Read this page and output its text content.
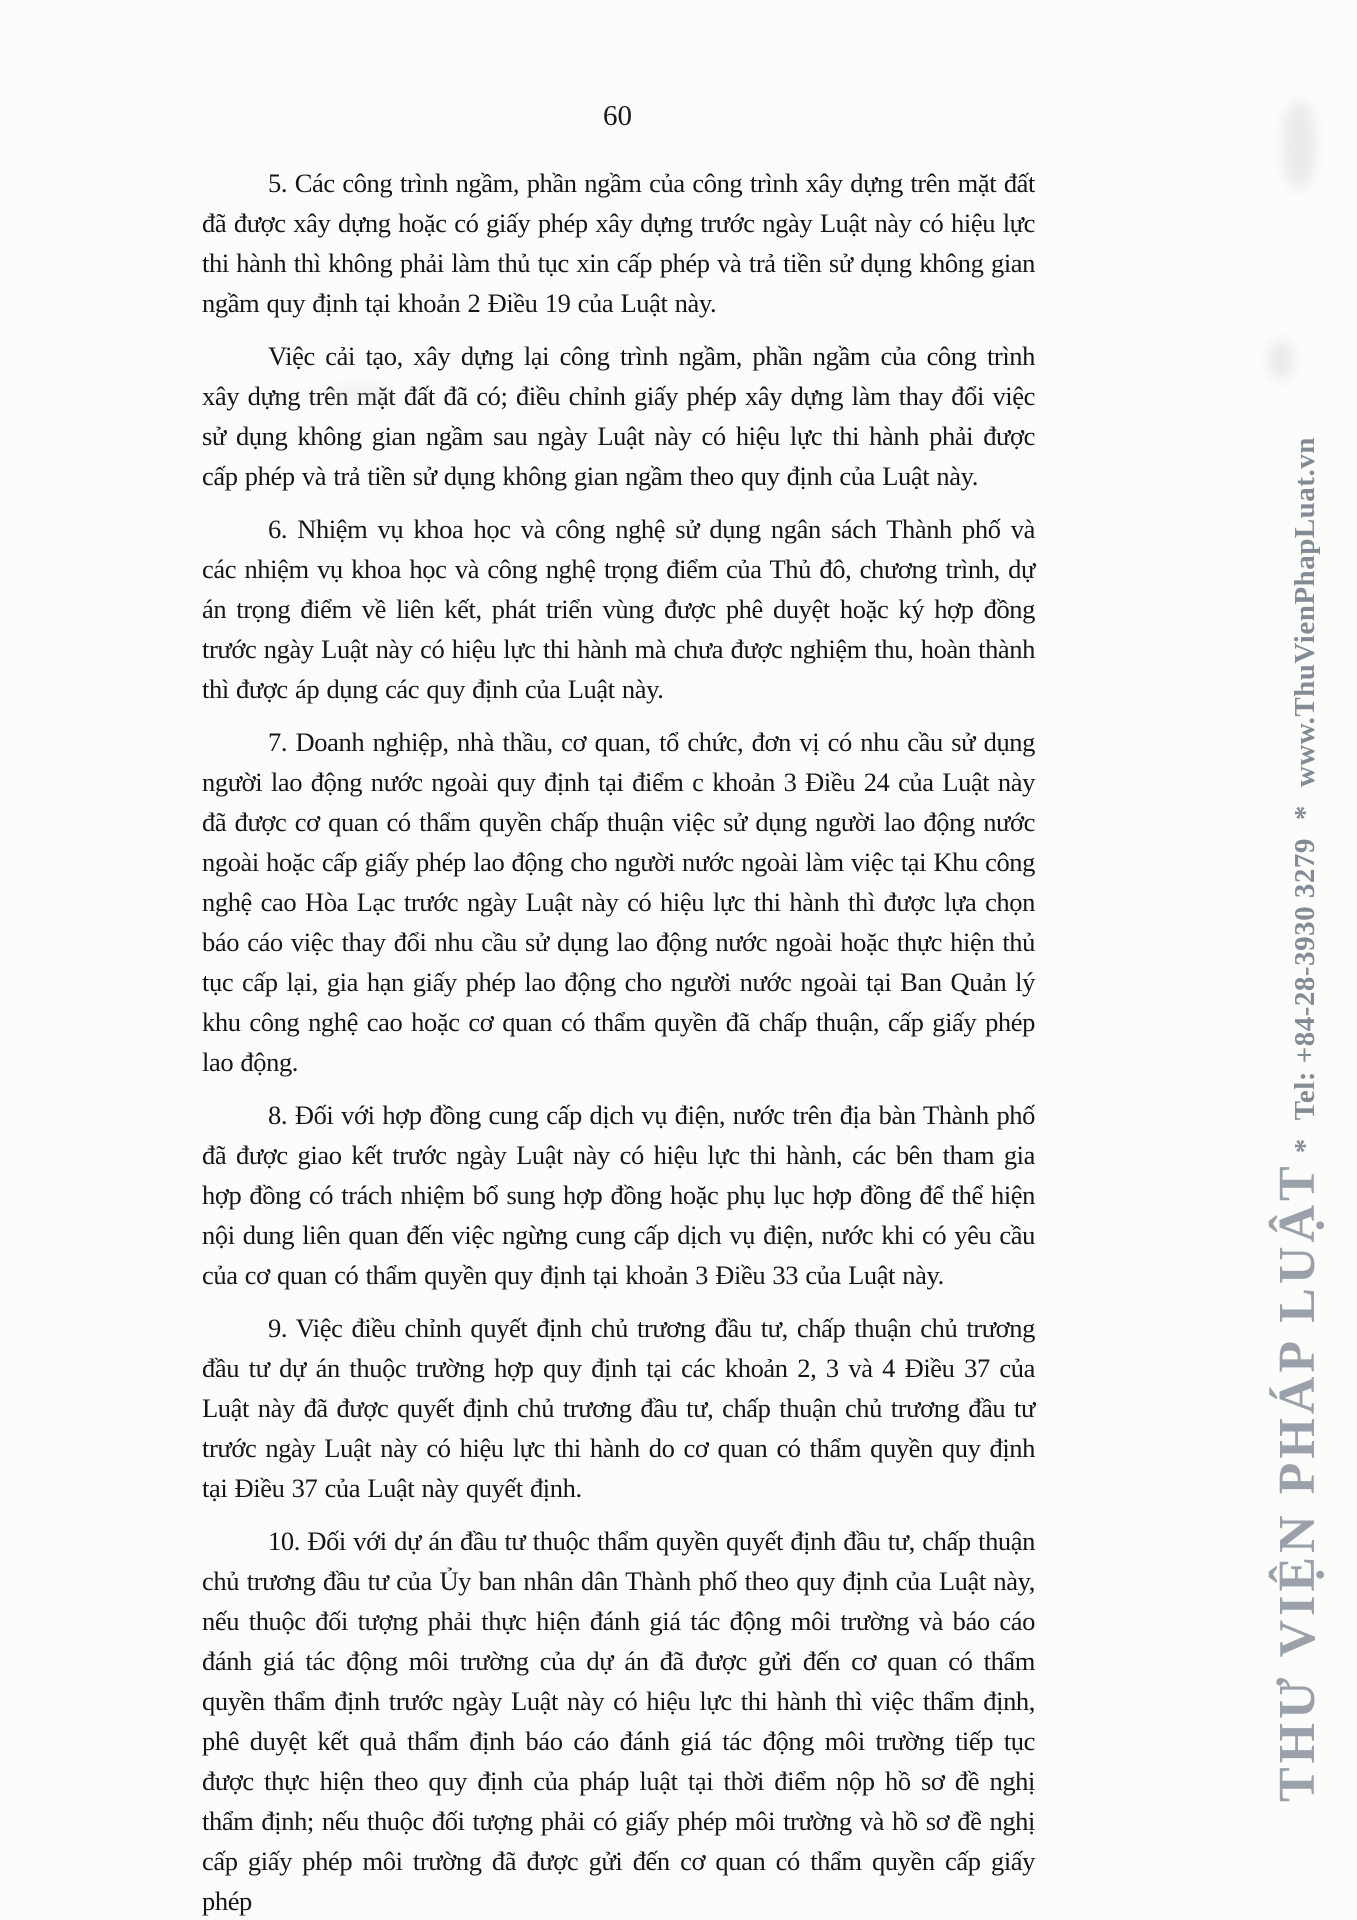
60

5. Các công trình ngầm, phần ngầm của công trình xây dựng trên mặt đất đã được xây dựng hoặc có giấy phép xây dựng trước ngày Luật này có hiệu lực thi hành thì không phải làm thủ tục xin cấp phép và trả tiền sử dụng không gian ngầm quy định tại khoản 2 Điều 19 của Luật này.

Việc cải tạo, xây dựng lại công trình ngầm, phần ngầm của công trình xây dựng trên mặt đất đã có; điều chỉnh giấy phép xây dựng làm thay đổi việc sử dụng không gian ngầm sau ngày Luật này có hiệu lực thi hành phải được cấp phép và trả tiền sử dụng không gian ngầm theo quy định của Luật này.

6. Nhiệm vụ khoa học và công nghệ sử dụng ngân sách Thành phố và các nhiệm vụ khoa học và công nghệ trọng điểm của Thủ đô, chương trình, dự án trọng điểm về liên kết, phát triển vùng được phê duyệt hoặc ký hợp đồng trước ngày Luật này có hiệu lực thi hành mà chưa được nghiệm thu, hoàn thành thì được áp dụng các quy định của Luật này.

7. Doanh nghiệp, nhà thầu, cơ quan, tổ chức, đơn vị có nhu cầu sử dụng người lao động nước ngoài quy định tại điểm c khoản 3 Điều 24 của Luật này đã được cơ quan có thẩm quyền chấp thuận việc sử dụng người lao động nước ngoài hoặc cấp giấy phép lao động cho người nước ngoài làm việc tại Khu công nghệ cao Hòa Lạc trước ngày Luật này có hiệu lực thi hành thì được lựa chọn báo cáo việc thay đổi nhu cầu sử dụng lao động nước ngoài hoặc thực hiện thủ tục cấp lại, gia hạn giấy phép lao động cho người nước ngoài tại Ban Quản lý khu công nghệ cao hoặc cơ quan có thẩm quyền đã chấp thuận, cấp giấy phép lao động.

8. Đối với hợp đồng cung cấp dịch vụ điện, nước trên địa bàn Thành phố đã được giao kết trước ngày Luật này có hiệu lực thi hành, các bên tham gia hợp đồng có trách nhiệm bổ sung hợp đồng hoặc phụ lục hợp đồng để thể hiện nội dung liên quan đến việc ngừng cung cấp dịch vụ điện, nước khi có yêu cầu của cơ quan có thẩm quyền quy định tại khoản 3 Điều 33 của Luật này.

9. Việc điều chỉnh quyết định chủ trương đầu tư, chấp thuận chủ trương đầu tư dự án thuộc trường hợp quy định tại các khoản 2, 3 và 4 Điều 37 của Luật này đã được quyết định chủ trương đầu tư, chấp thuận chủ trương đầu tư trước ngày Luật này có hiệu lực thi hành do cơ quan có thẩm quyền quy định tại Điều 37 của Luật này quyết định.

10. Đối với dự án đầu tư thuộc thẩm quyền quyết định đầu tư, chấp thuận chủ trương đầu tư của Ủy ban nhân dân Thành phố theo quy định của Luật này, nếu thuộc đối tượng phải thực hiện đánh giá tác động môi trường và báo cáo đánh giá tác động môi trường của dự án đã được gửi đến cơ quan có thẩm quyền thẩm định trước ngày Luật này có hiệu lực thi hành thì việc thẩm định, phê duyệt kết quả thẩm định báo cáo đánh giá tác động môi trường tiếp tục được thực hiện theo quy định của pháp luật tại thời điểm nộp hồ sơ đề nghị thẩm định; nếu thuộc đối tượng phải có giấy phép môi trường và hồ sơ đề nghị cấp giấy phép môi trường đã được gửi đến cơ quan có thẩm quyền cấp giấy phép

THƯ VIỆN PHÁP LUẬT*Tel: +84-28-3930 3279*www.ThuVienPhapLuat.vn
